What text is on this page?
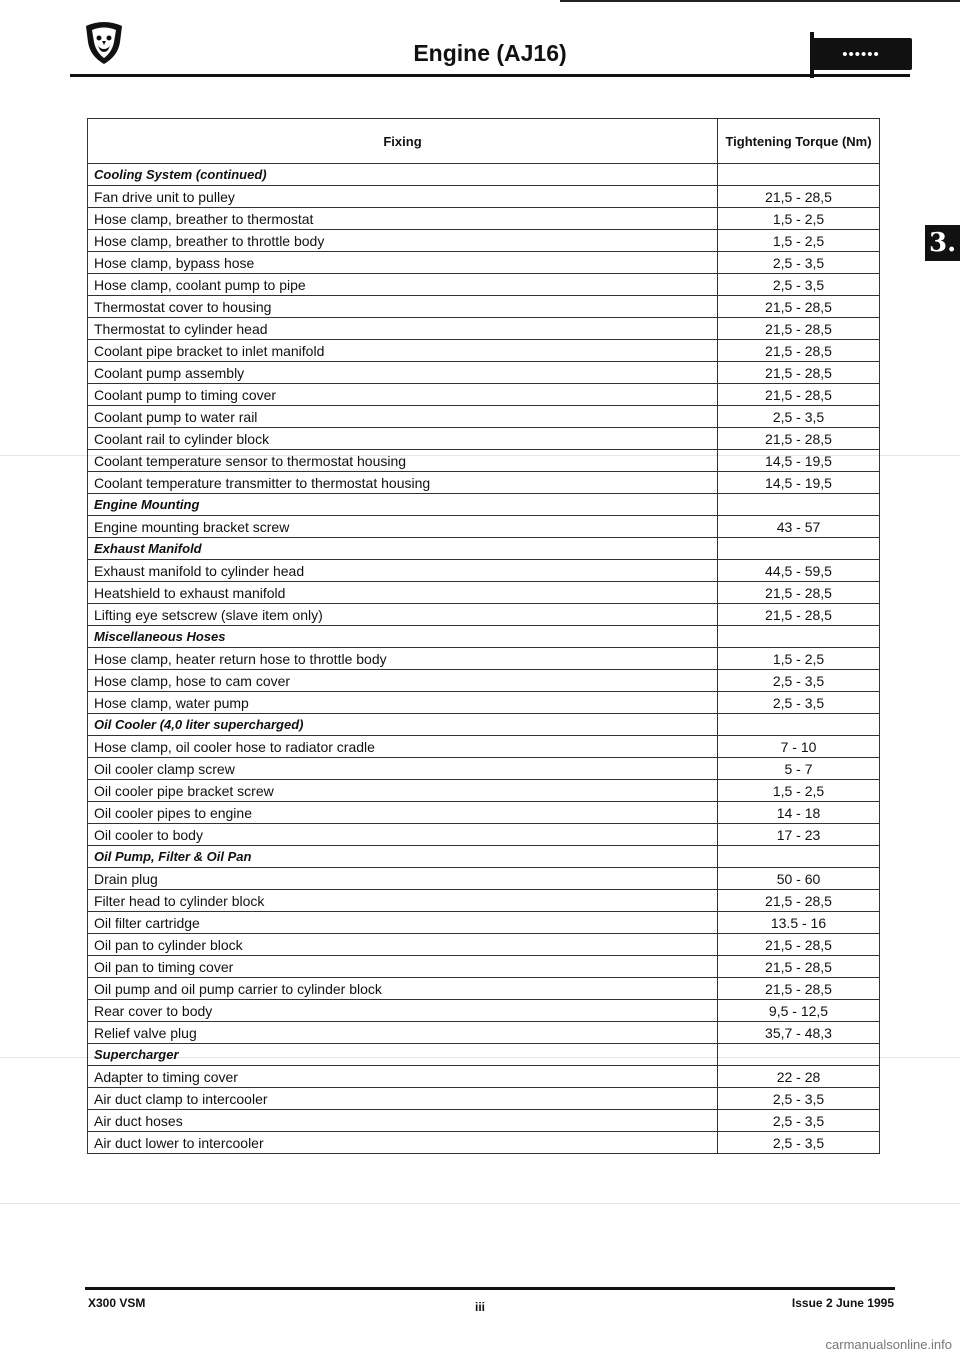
Engine (AJ16)	••••••
3.
Fixing	Tightening Torque (Nm)
Cooling System (continued)	
Fan drive unit to pulley	21,5 - 28,5
Hose clamp, breather to thermostat	1,5 - 2,5
Hose clamp, breather to throttle body	1,5 - 2,5
Hose clamp, bypass hose	2,5 - 3,5
Hose clamp, coolant pump to pipe	2,5 - 3,5
Thermostat cover to housing	21,5 - 28,5
Thermostat to cylinder head	21,5 - 28,5
Coolant pipe bracket to inlet manifold	21,5 - 28,5
Coolant pump assembly	21,5 - 28,5
Coolant pump to timing cover	21,5 - 28,5
Coolant pump to water rail	2,5 - 3,5
Coolant rail to cylinder block	21,5 - 28,5
Coolant temperature sensor to thermostat housing	14,5 - 19,5
Coolant temperature transmitter to thermostat housing	14,5 - 19,5
Engine Mounting	
Engine mounting bracket screw	43 - 57
Exhaust Manifold	
Exhaust manifold to cylinder head	44,5 - 59,5
Heatshield to exhaust manifold	21,5 - 28,5
Lifting eye setscrew (slave item only)	21,5 - 28,5
Miscellaneous Hoses	
Hose clamp, heater return hose to throttle body	1,5 - 2,5
Hose clamp, hose to cam cover	2,5 - 3,5
Hose clamp, water pump	2,5 - 3,5
Oil Cooler (4,0 liter supercharged)	
Hose clamp, oil cooler hose to radiator cradle	7 - 10
Oil cooler clamp screw	5 - 7
Oil cooler pipe bracket screw	1,5 - 2,5
Oil cooler pipes to engine	14 - 18
Oil cooler to body	17 - 23
Oil Pump, Filter & Oil Pan	
Drain plug	50 - 60
Filter head to cylinder block	21,5 - 28,5
Oil filter cartridge	13.5 - 16
Oil pan to cylinder block	21,5 - 28,5
Oil pan to timing cover	21,5 - 28,5
Oil pump and oil pump carrier to cylinder block	21,5 - 28,5
Rear cover to body	9,5 - 12,5
Relief valve plug	35,7 - 48,3
Supercharger	
Adapter to timing cover	22 - 28
Air duct clamp to intercooler	2,5 - 3,5
Air duct hoses	2,5 - 3,5
Air duct lower to intercooler	2,5 - 3,5
X300 VSM	iii	Issue 2 June 1995
carmanualsonline.info
